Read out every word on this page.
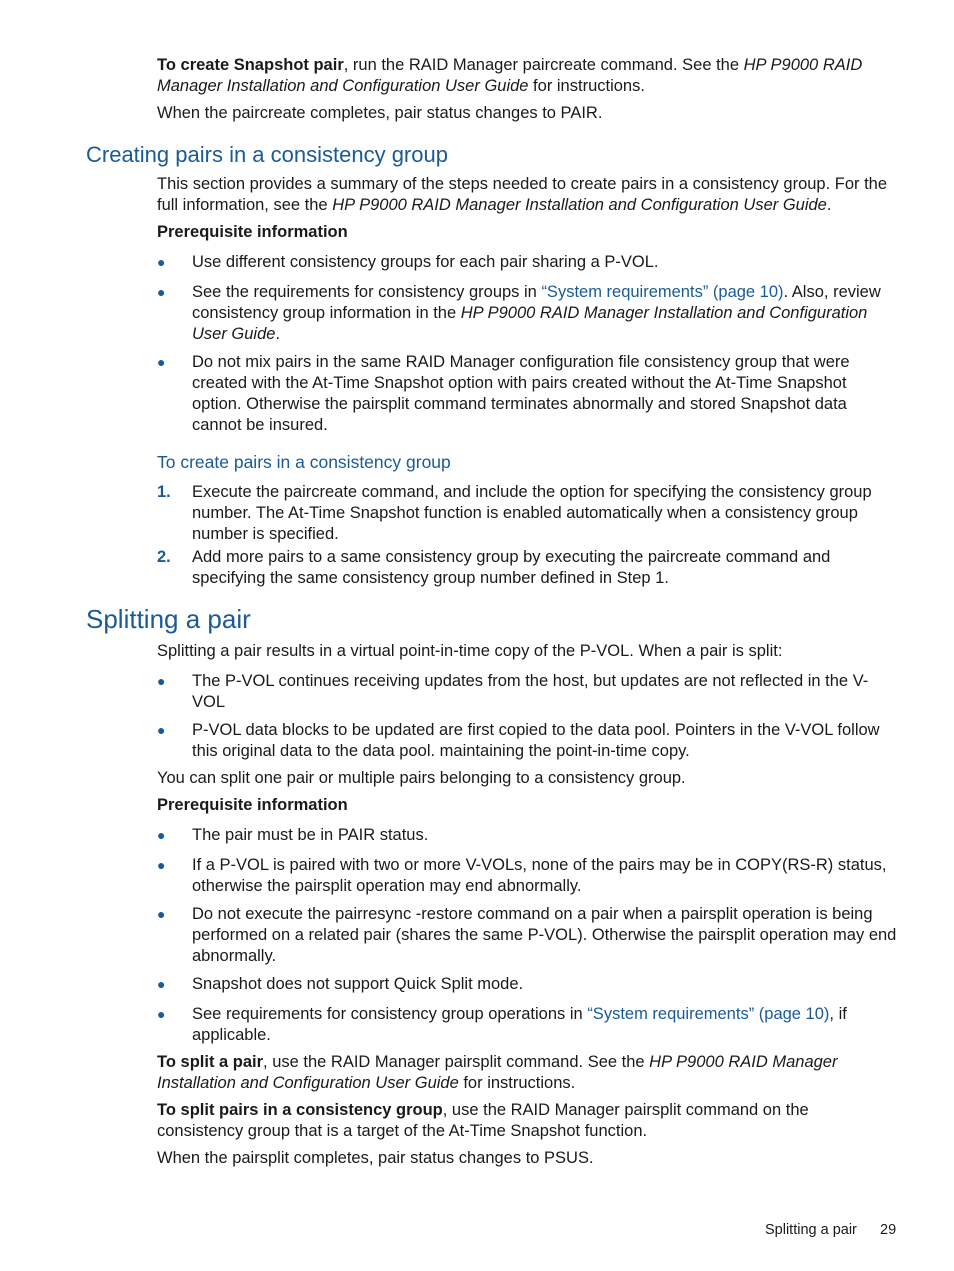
To create Snapshot pair, run the RAID Manager paircreate command. See the HP P9000 RAID Manager Installation and Configuration User Guide for instructions.
When the paircreate completes, pair status changes to PAIR.
Creating pairs in a consistency group
This section provides a summary of the steps needed to create pairs in a consistency group. For the full information, see the HP P9000 RAID Manager Installation and Configuration User Guide.
Prerequisite information
●	Use different consistency groups for each pair sharing a P-VOL.
●	See the requirements for consistency groups in “System requirements” (page 10). Also, review consistency group information in the HP P9000 RAID Manager Installation and Configuration User Guide.
●	Do not mix pairs in the same RAID Manager configuration file consistency group that were created with the At-Time Snapshot option with pairs created without the At-Time Snapshot option. Otherwise the pairsplit command terminates abnormally and stored Snapshot data cannot be insured.
To create pairs in a consistency group
1. Execute the paircreate command, and include the option for specifying the consistency group number. The At-Time Snapshot function is enabled automatically when a consistency group number is specified.
2. Add more pairs to a same consistency group by executing the paircreate command and specifying the same consistency group number defined in Step 1.
Splitting a pair
Splitting a pair results in a virtual point-in-time copy of the P-VOL. When a pair is split:
●	The P-VOL continues receiving updates from the host, but updates are not reflected in the V-VOL
●	P-VOL data blocks to be updated are first copied to the data pool. Pointers in the V-VOL follow this original data to the data pool. maintaining the point-in-time copy.
You can split one pair or multiple pairs belonging to a consistency group.
Prerequisite information
●	The pair must be in PAIR status.
●	If a P-VOL is paired with two or more V-VOLs, none of the pairs may be in COPY(RS-R) status, otherwise the pairsplit operation may end abnormally.
●	Do not execute the pairresync -restore command on a pair when a pairsplit operation is being performed on a related pair (shares the same P-VOL). Otherwise the pairsplit operation may end abnormally.
●	Snapshot does not support Quick Split mode.
●	See requirements for consistency group operations in “System requirements” (page 10), if applicable.
To split a pair, use the RAID Manager pairsplit command. See the HP P9000 RAID Manager Installation and Configuration User Guide for instructions.
To split pairs in a consistency group, use the RAID Manager pairsplit command on the consistency group that is a target of the At-Time Snapshot function.
When the pairsplit completes, pair status changes to PSUS.
Splitting a pair 29
